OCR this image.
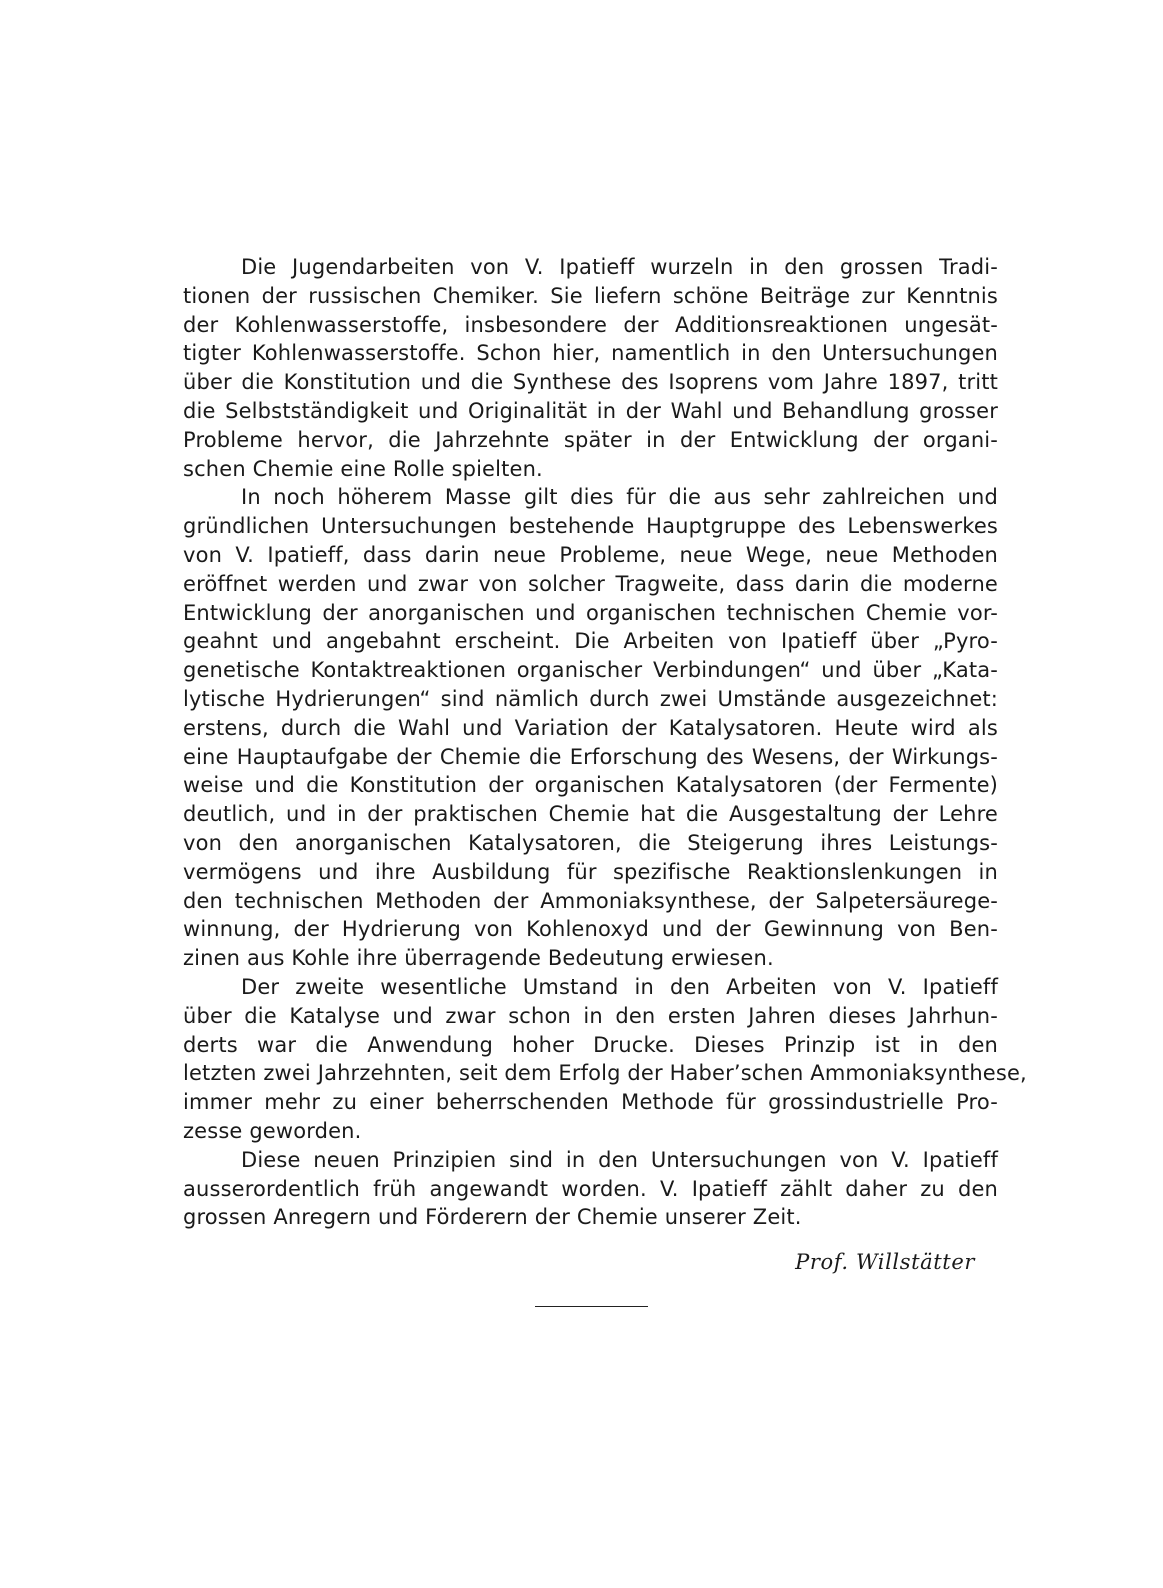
Die Jugendarbeiten von V. Ipatieff wurzeln in den grossen Tradi-
tionen der russischen Chemiker. Sie liefern schöne Beiträge zur Kenntnis
der Kohlenwasserstoffe, insbesondere der Additionsreaktionen ungesät-
tigter Kohlenwasserstoffe. Schon hier, namentlich in den Untersuchungen
über die Konstitution und die Synthese des Isoprens vom Jahre 1897, tritt
die Selbstständigkeit und Originalität in der Wahl und Behandlung grosser
Probleme hervor, die Jahrzehnte später in der Entwicklung der organi-
schen Chemie eine Rolle spielten.
In noch höherem Masse gilt dies für die aus sehr zahlreichen und
gründlichen Untersuchungen bestehende Hauptgruppe des Lebenswerkes
von V. Ipatieff, dass darin neue Probleme, neue Wege, neue Methoden
eröffnet werden und zwar von solcher Tragweite, dass darin die moderne
Entwicklung der anorganischen und organischen technischen Chemie vor-
geahnt und angebahnt erscheint. Die Arbeiten von Ipatieff über „Pyro-
genetische Kontaktreaktionen organischer Verbindungen“ und über „Kata-
lytische Hydrierungen“ sind nämlich durch zwei Umstände ausgezeichnet:
erstens, durch die Wahl und Variation der Katalysatoren. Heute wird als
eine Hauptaufgabe der Chemie die Erforschung des Wesens, der Wirkungs-
weise und die Konstitution der organischen Katalysatoren (der Fermente)
deutlich, und in der praktischen Chemie hat die Ausgestaltung der Lehre
von den anorganischen Katalysatoren, die Steigerung ihres Leistungs-
vermögens und ihre Ausbildung für spezifische Reaktionslenkungen in
den technischen Methoden der Ammoniaksynthese, der Salpetersäurege-
winnung, der Hydrierung von Kohlenoxyd und der Gewinnung von Ben-
zinen aus Kohle ihre überragende Bedeutung erwiesen.
Der zweite wesentliche Umstand in den Arbeiten von V. Ipatieff
über die Katalyse und zwar schon in den ersten Jahren dieses Jahrhun-
derts war die Anwendung hoher Drucke. Dieses Prinzip ist in den
letzten zwei Jahrzehnten, seit dem Erfolg der Haber’schen Ammoniaksynthese,
immer mehr zu einer beherrschenden Methode für grossindustrielle Pro-
zesse geworden.
Diese neuen Prinzipien sind in den Untersuchungen von V. Ipatieff
ausserordentlich früh angewandt worden. V. Ipatieff zählt daher zu den
grossen Anregern und Förderern der Chemie unserer Zeit.
Prof. Willstätter
